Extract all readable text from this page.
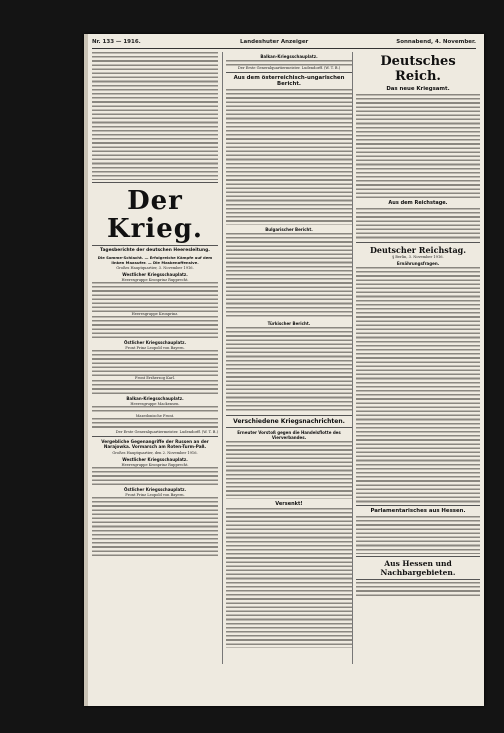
Nr. 133 — 1916.	Landeshuter Anzeiger	Sonnabend, 4. November.
Der Krieg.
Tagesberichte der deutschen Heeresleitung.
Die Somme-Schlacht. — Erfolgreiche Kämpfe auf dem linken Maasufer. — Die Maskenoffensive.
Großes Hauptquartier, 3. November 1916.
Westlicher Kriegsschauplatz.
Heeresgruppe Kronprinz Rupprecht.
Heeresgruppe Kronprinz.
Östlicher Kriegsschauplatz.
Front Prinz Leopold von Bayern.
Front Erzherzog Karl.
Balkan-Kriegsschauplatz.
Heeresgruppe Mackensen.
Mazedonische Front.
Der Erste Generalquartiermeister. Ludendorff. (W. T. B.)
Vergebliche Gegenangriffe der Russen an der Narajowka. Vormarsch am Roten-Turm-Paß.
Großes Hauptquartier, den 2. November 1916.
Westlicher Kriegsschauplatz.
Heeresgruppe Kronprinz Rupprecht.
Östlicher Kriegsschauplatz.
Front Prinz Leopold von Bayern.
Balkan-Kriegsschauplatz.
Der Erste Generalquartiermeister. Ludendorff. (W. T. B.)
Aus dem österreichisch-ungarischen Bericht.
Bulgarischer Bericht.
Türkischer Bericht.
Verschiedene Kriegsnachrichten.
Erneuter Vorstoß gegen die Handelsflotte des Vierverbandes.
Versenkt!
Deutsches Reich.
Das neue Kriegsamt.
Aus dem Reichstage.
Deutscher Reichstag.
§ Berlin, 3. November 1916.
Ernährungsfragen.
Parlamentarisches aus Hessen.
Aus Hessen und Nachbargebieten.
